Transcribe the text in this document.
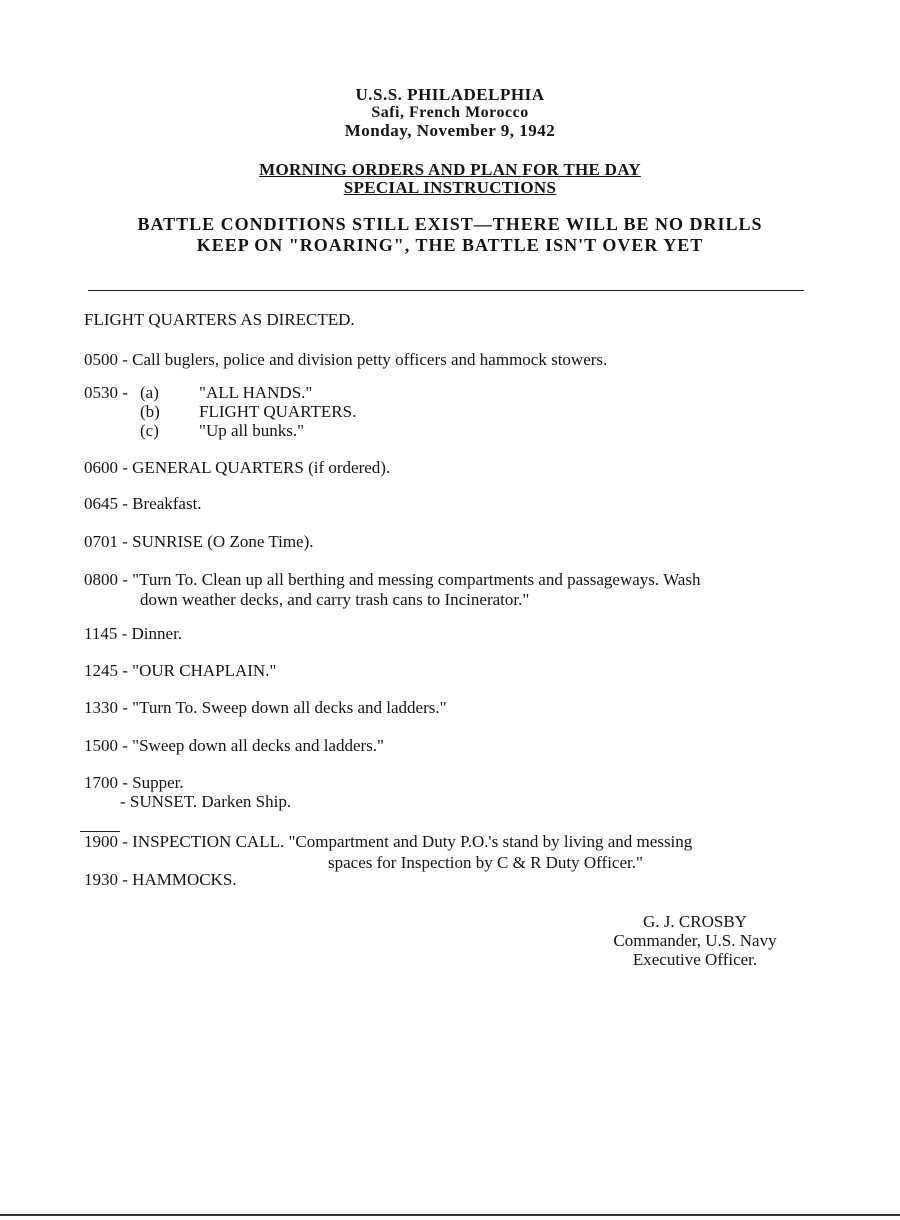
U.S.S. PHILADELPHIA
Safi, French Morocco
Monday, November 9, 1942
MORNING ORDERS AND PLAN FOR THE DAY
SPECIAL INSTRUCTIONS
BATTLE CONDITIONS STILL EXIST—THERE WILL BE NO DRILLS
KEEP ON "ROARING", THE BATTLE ISN'T OVER YET
FLIGHT QUARTERS AS DIRECTED.
0500 - Call buglers, police and division petty officers and hammock stowers.
0530 - (a) "ALL HANDS."
(b) FLIGHT QUARTERS.
(c) "Up all bunks."
0600 - GENERAL QUARTERS (if ordered).
0645 - Breakfast.
0701 - SUNRISE (O Zone Time).
0800 - "Turn To. Clean up all berthing and messing compartments and passageways. Wash
down weather decks, and carry trash cans to Incinerator."
1145 - Dinner.
1245 - "OUR CHAPLAIN."
1330 - "Turn To. Sweep down all decks and ladders."
1500 - "Sweep down all decks and ladders."
1700 - Supper.
- SUNSET. Darken Ship.
1900 - INSPECTION CALL. "Compartment and Duty P.O.'s stand by living and messing
spaces for Inspection by C & R Duty Officer."
1930 - HAMMOCKS.
G. J. CROSBY
Commander, U.S. Navy
Executive Officer.
